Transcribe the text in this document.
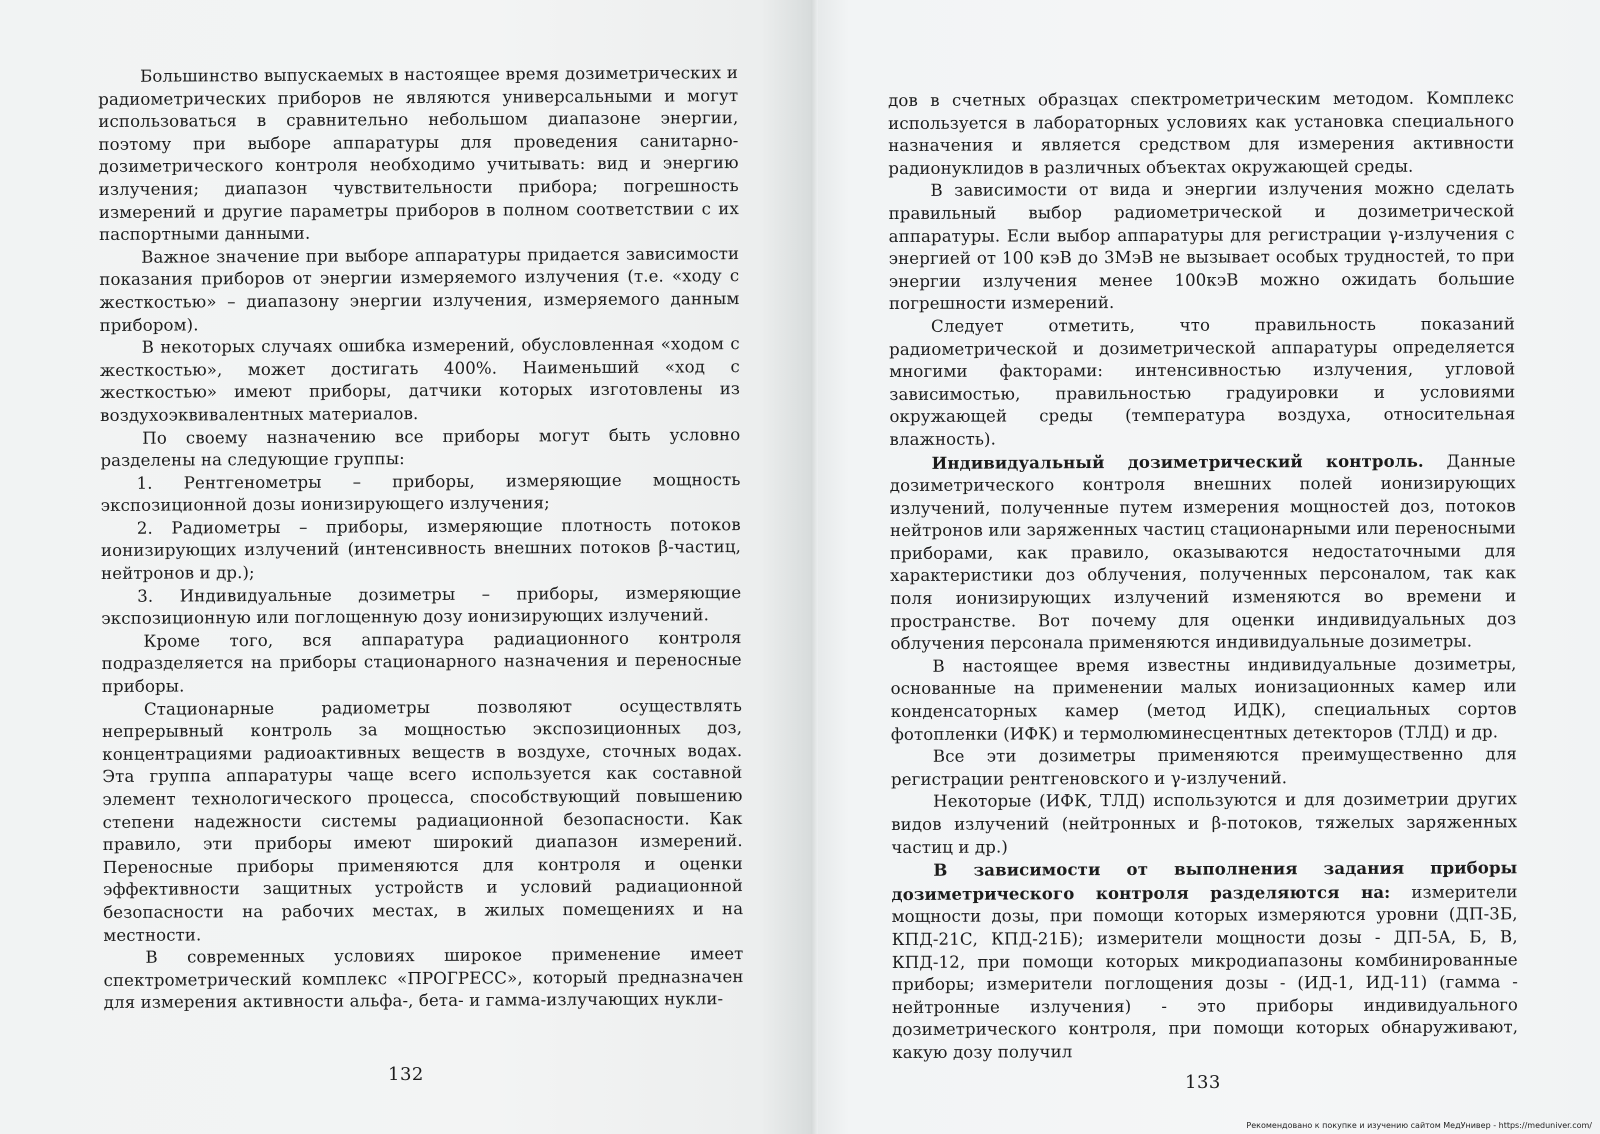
Большинство выпускаемых в настоящее время дозиметрических и радиометрических приборов не являются универсальными и могут использоваться в сравнительно небольшом диапазоне энергии, поэтому при выборе аппаратуры для проведения санитарно-дозиметрического контроля необходимо учитывать: вид и энергию излучения; диапазон чувствительности прибора; погрешность измерений и другие параметры приборов в полном соответствии с их паспортными данными.

Важное значение при выборе аппаратуры придается зависимости показания приборов от энергии измеряемого излучения (т.е. «ходу с жесткостью» – диапазону энергии излучения, измеряемого данным прибором).

В некоторых случаях ошибка измерений, обусловленная «ходом с жесткостью», может достигать 400%. Наименьший «ход с жесткостью» имеют приборы, датчики которых изготовлены из воздухоэквивалентных материалов.

По своему назначению все приборы могут быть условно разделены на следующие группы:

1. Рентгенометры – приборы, измеряющие мощность экспозиционной дозы ионизирующего излучения;

2. Радиометры – приборы, измеряющие плотность потоков ионизирующих излучений (интенсивность внешних потоков β-частиц, нейтронов и др.);

3. Индивидуальные дозиметры – приборы, измеряющие экспозиционную или поглощенную дозу ионизирующих излучений.

Кроме того, вся аппаратура радиационного контроля подразделяется на приборы стационарного назначения и переносные приборы.

Стационарные радиометры позволяют осуществлять непрерывный контроль за мощностью экспозиционных доз, концентрациями радиоактивных веществ в воздухе, сточных водах. Эта группа аппаратуры чаще всего используется как составной элемент технологического процесса, способствующий повышению степени надежности системы радиационной безопасности. Как правило, эти приборы имеют широкий диапазон измерений. Переносные приборы применяются для контроля и оценки эффективности защитных устройств и условий радиационной безопасности на рабочих местах, в жилых помещениях и на местности.

В современных условиях широкое применение имеет спектрометрический комплекс «ПРОГРЕСС», который предназначен для измерения активности альфа-, бета- и гамма-излучающих нукли-

132

дов в счетных образцах спектрометрическим методом. Комплекс используется в лабораторных условиях как установка специального назначения и является средством для измерения активности радионуклидов в различных объектах окружающей среды.

В зависимости от вида и энергии излучения можно сделать правильный выбор радиометрической и дозиметрической аппаратуры. Если выбор аппаратуры для регистрации γ-излучения с энергией от 100 кэВ до 3МэВ не вызывает особых трудностей, то при энергии излучения менее 100кэВ можно ожидать большие погрешности измерений.

Следует отметить, что правильность показаний радиометрической и дозиметрической аппаратуры определяется многими факторами: интенсивностью излучения, угловой зависимостью, правильностью градуировки и условиями окружающей среды (температура воздуха, относительная влажность).

Индивидуальный дозиметрический контроль. Данные дозиметрического контроля внешних полей ионизирующих излучений, полученные путем измерения мощностей доз, потоков нейтронов или заряженных частиц стационарными или переносными приборами, как правило, оказываются недостаточными для характеристики доз облучения, полученных персоналом, так как поля ионизирующих излучений изменяются во времени и пространстве. Вот почему для оценки индивидуальных доз облучения персонала применяются индивидуальные дозиметры.

В настоящее время известны индивидуальные дозиметры, основанные на применении малых ионизационных камер или конденсаторных камер (метод ИДК), специальных сортов фотопленки (ИФК) и термолюминесцентных детекторов (ТЛД) и др.

Все эти дозиметры применяются преимущественно для регистрации рентгеновского и γ-излучений.

Некоторые (ИФК, ТЛД) используются и для дозиметрии других видов излучений (нейтронных и β-потоков, тяжелых заряженных частиц и др.)

В зависимости от выполнения задания приборы дозиметрического контроля разделяются на: измерители мощности дозы, при помощи которых измеряются уровни (ДП-3Б, КПД-21С, КПД-21Б); измерители мощности дозы - ДП-5А, Б, В, КПД-12, при помощи которых микродиапазоны комбинированные приборы; измерители поглощения дозы - (ИД-1, ИД-11) (гамма - нейтронные излучения) - это приборы индивидуального дозиметрического контроля, при помощи которых обнаруживают, какую дозу получил

133
Рекомендовано к покупке и изучению сайтом МедУнивер - https://meduniver.com/
